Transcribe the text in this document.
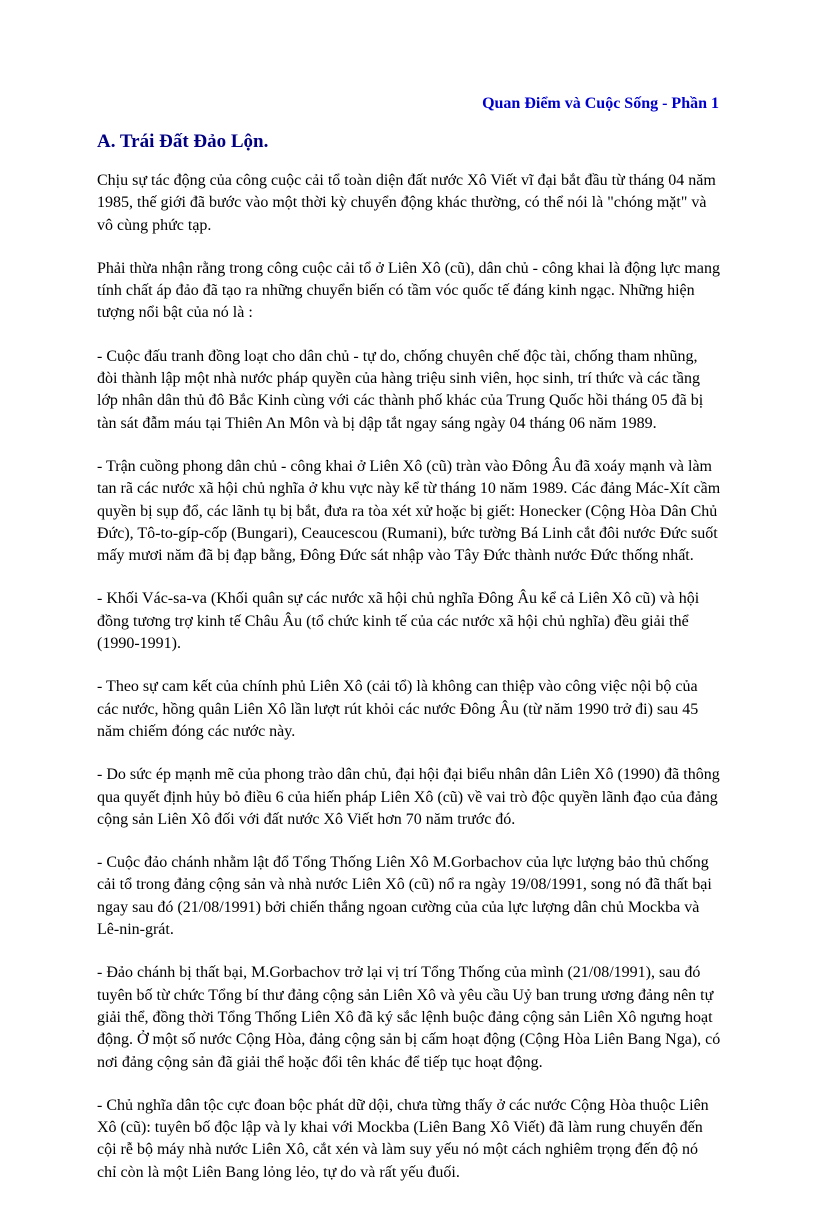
Quan Điểm và Cuộc Sống - Phần 1
A. Trái Đất Đảo Lộn.

Chịu sự tác động của công cuộc cải tổ toàn diện đất nước Xô Viết vĩ đại bắt đầu từ tháng 04 năm 1985, thế giới đã bước vào một thời kỳ chuyển động khác thường, có thể nói là "chóng mặt" và vô cùng phức tạp.

Phải thừa nhận rằng trong công cuộc cải tổ ở Liên Xô (cũ), dân chủ - công khai là động lực mang tính chất áp đảo đã tạo ra những chuyển biến có tầm vóc quốc tế đáng kinh ngạc. Những hiện tượng nổi bật của nó là :

- Cuộc đấu tranh đồng loạt cho dân chủ - tự do, chống chuyên chế độc tài, chống tham nhũng, đòi thành lập một nhà nước pháp quyền của hàng triệu sinh viên, học sinh, trí thức và các tầng lớp nhân dân thủ đô Bắc Kinh cùng với các thành phố khác của Trung Quốc hồi tháng 05 đã bị tàn sát đẫm máu tại Thiên An Môn và bị dập tắt ngay sáng ngày 04 tháng 06 năm 1989.

- Trận cuồng phong dân chủ - công khai ở Liên Xô (cũ) tràn vào Đông Âu đã xoáy mạnh và làm tan rã các nước xã hội chủ nghĩa ở khu vực này kể từ tháng 10 năm 1989. Các đảng Mác-Xít cầm quyền bị sụp đổ, các lãnh tụ bị bắt, đưa ra tòa xét xử hoặc bị giết: Honecker (Cộng Hòa Dân Chủ Đức), Tô-to-gíp-cốp (Bungari), Ceaucescou (Rumani), bức tường Bá Linh cắt đôi nước Đức suốt mấy mươi năm đã bị đạp bằng, Đông Đức sát nhập vào Tây Đức thành nước Đức thống nhất.

- Khối Vác-sa-va (Khối quân sự các nước xã hội chủ nghĩa Đông Âu kể cả Liên Xô cũ) và hội đồng tương trợ kinh tế Châu Âu (tổ chức kinh tế của các nước xã hội chủ nghĩa) đều giải thể (1990-1991).

- Theo sự cam kết của chính phủ Liên Xô (cải tổ) là không can thiệp vào công việc nội bộ của các nước, hồng quân Liên Xô lần lượt rút khỏi các nước Đông Âu (từ năm 1990 trở đi) sau 45 năm chiếm đóng các nước này.

- Do sức ép mạnh mẽ của phong trào dân chủ, đại hội đại biểu nhân dân Liên Xô (1990) đã thông qua quyết định hủy bỏ điều 6 của hiến pháp Liên Xô (cũ) về vai trò độc quyền lãnh đạo của đảng cộng sản Liên Xô đối với đất nước Xô Viết hơn 70 năm trước đó.

- Cuộc đảo chánh nhằm lật đổ Tổng Thống Liên Xô M.Gorbachov của lực lượng bảo thủ chống cải tổ trong đảng cộng sản và nhà nước Liên Xô (cũ) nổ ra ngày 19/08/1991, song nó đã thất bại ngay sau đó (21/08/1991) bởi chiến thắng ngoan cường của của lực lượng dân chủ Mockba và Lê-nin-grát.

- Đảo chánh bị thất bại, M.Gorbachov trở lại vị trí Tổng Thống của mình (21/08/1991), sau đó tuyên bố từ chức Tổng bí thư đảng cộng sản Liên Xô và yêu cầu Uỷ ban trung ương đảng nên tự giải thể, đồng thời Tổng Thống Liên Xô đã ký sắc lệnh buộc đảng cộng sản Liên Xô ngưng hoạt động. Ở một số nước Cộng Hòa, đảng cộng sản bị cấm hoạt động (Cộng Hòa Liên Bang Nga), có nơi đảng cộng sản đã giải thể hoặc đổi tên khác để tiếp tục hoạt động.

- Chủ nghĩa dân tộc cực đoan bộc phát dữ dội, chưa từng thấy ở các nước Cộng Hòa thuộc Liên Xô (cũ): tuyên bố độc lập và ly khai với Mockba (Liên Bang Xô Viết) đã làm rung chuyển đến cội rễ bộ máy nhà nước Liên Xô, cắt xén và làm suy yếu nó một cách nghiêm trọng đến độ nó chỉ còn là một Liên Bang lỏng lẻo, tự do và rất yếu đuối.
